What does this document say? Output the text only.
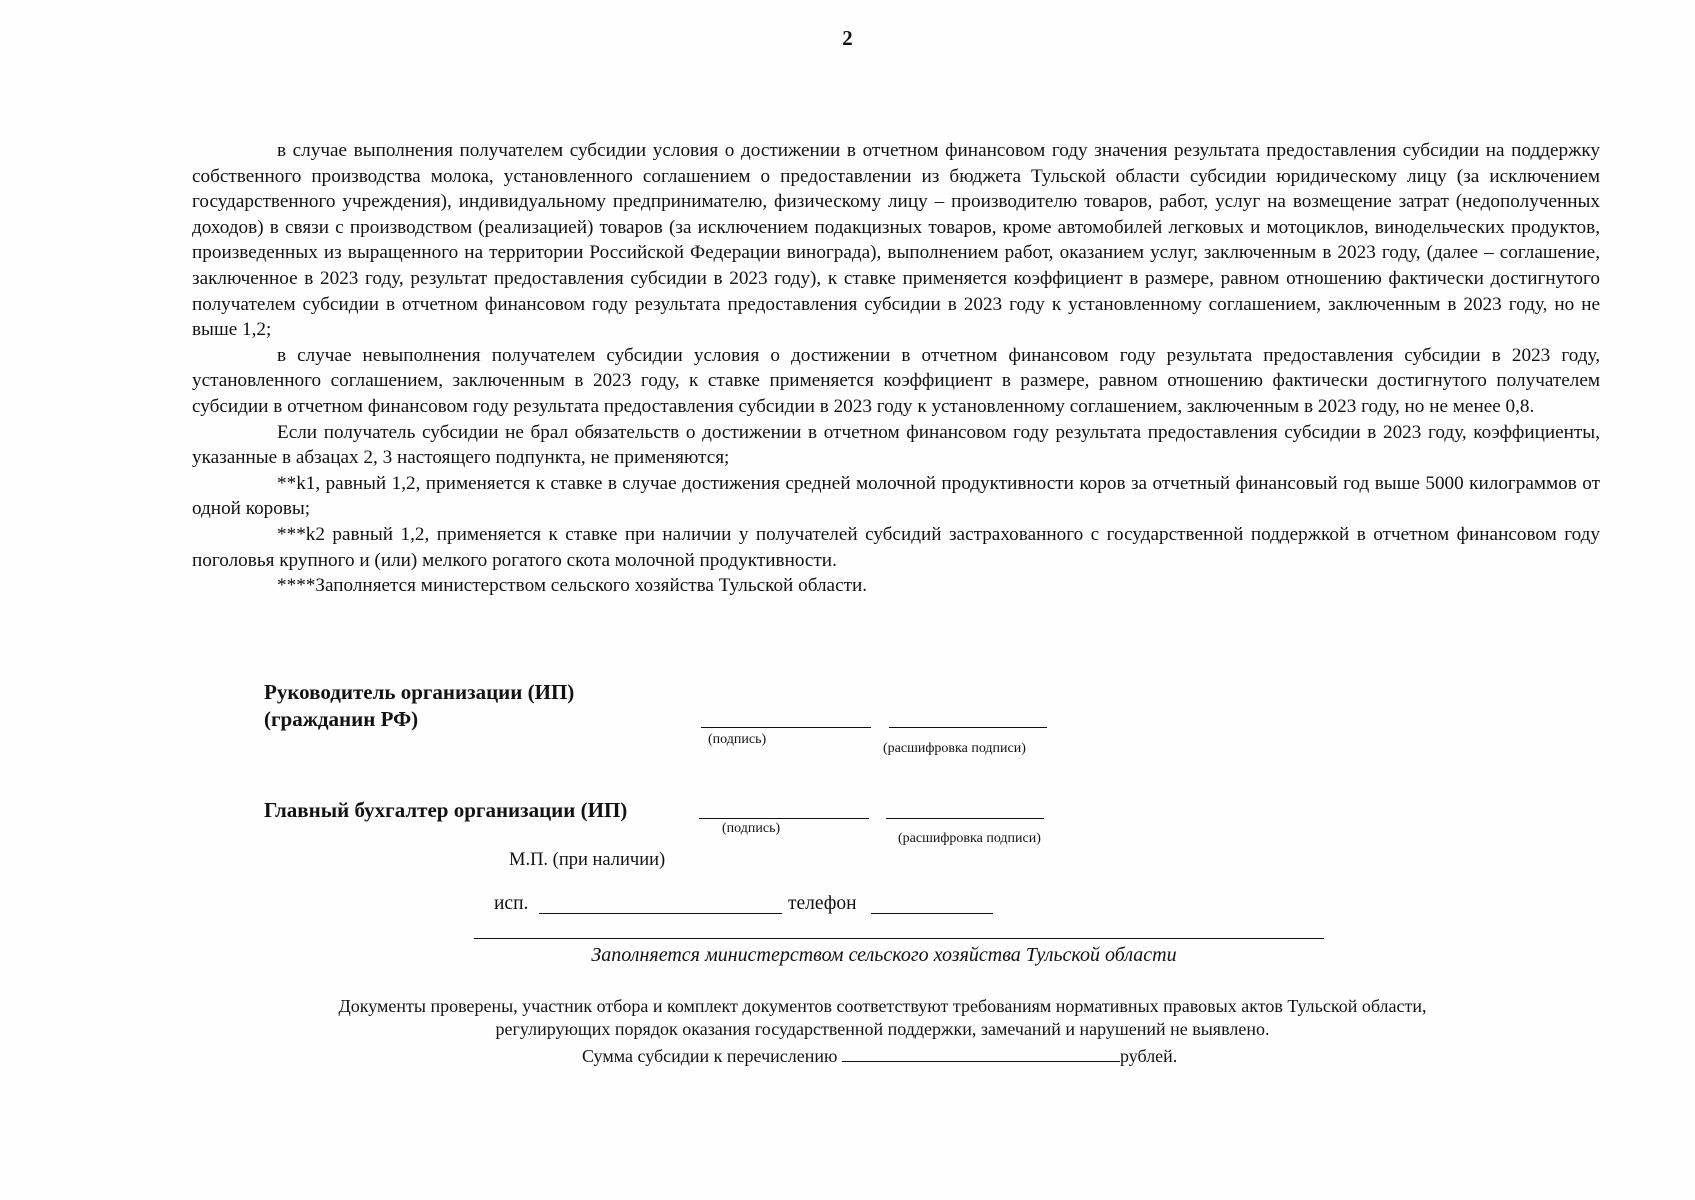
2

в случае выполнения получателем субсидии условия о достижении в отчетном финансовом году значения результата предоставления субсидии на поддержку собственного производства молока, установленного соглашением о предоставлении из бюджета Тульской области субсидии юридическому лицу (за исключением государственного учреждения), индивидуальному предпринимателю, физическому лицу – производителю товаров, работ, услуг на возмещение затрат (недополученных доходов) в связи с производством (реализацией) товаров (за исключением подакцизных товаров, кроме автомобилей легковых и мотоциклов, винодельческих продуктов, произведенных из выращенного на территории Российской Федерации винограда), выполнением работ, оказанием услуг, заключенным в 2023 году, (далее – соглашение, заключенное в 2023 году, результат предоставления субсидии в 2023 году), к ставке применяется коэффициент в размере, равном отношению фактически достигнутого получателем субсидии в отчетном финансовом году результата предоставления субсидии в 2023 году к установленному соглашением, заключенным в 2023 году, но не выше 1,2;

в случае невыполнения получателем субсидии условия о достижении в отчетном финансовом году результата предоставления субсидии в 2023 году, установленного соглашением, заключенным в 2023 году, к ставке применяется коэффициент в размере, равном отношению фактически достигнутого получателем субсидии в отчетном финансовом году результата предоставления субсидии в 2023 году к установленному соглашением, заключенным в 2023 году, но не менее 0,8.

Если получатель субсидии не брал обязательств о достижении в отчетном финансовом году результата предоставления субсидии в 2023 году, коэффициенты, указанные в абзацах 2, 3 настоящего подпункта, не применяются;

**k1, равный 1,2, применяется к ставке в случае достижения средней молочной продуктивности коров за отчетный финансовый год выше 5000 килограммов от одной коровы;

***k2 равный 1,2, применяется к ставке при наличии у получателей субсидий застрахованного с государственной поддержкой в отчетном финансовом году поголовья крупного и (или) мелкого рогатого скота молочной продуктивности.

****Заполняется министерством сельского хозяйства Тульской области.

Руководитель организации (ИП)
(гражданин РФ)
(подпись)
(расшифровка подписи)
Главный бухгалтер организации (ИП)
(подпись)
(расшифровка подписи)
М.П. (при наличии)
исп.	телефон
Заполняется министерством сельского хозяйства Тульской области
Документы проверены, участник отбора и комплект документов соответствуют требованиям нормативных правовых актов Тульской области,
регулирующих порядок оказания государственной поддержки, замечаний и нарушений не выявлено.
Сумма субсидии к перечислению	рублей.
